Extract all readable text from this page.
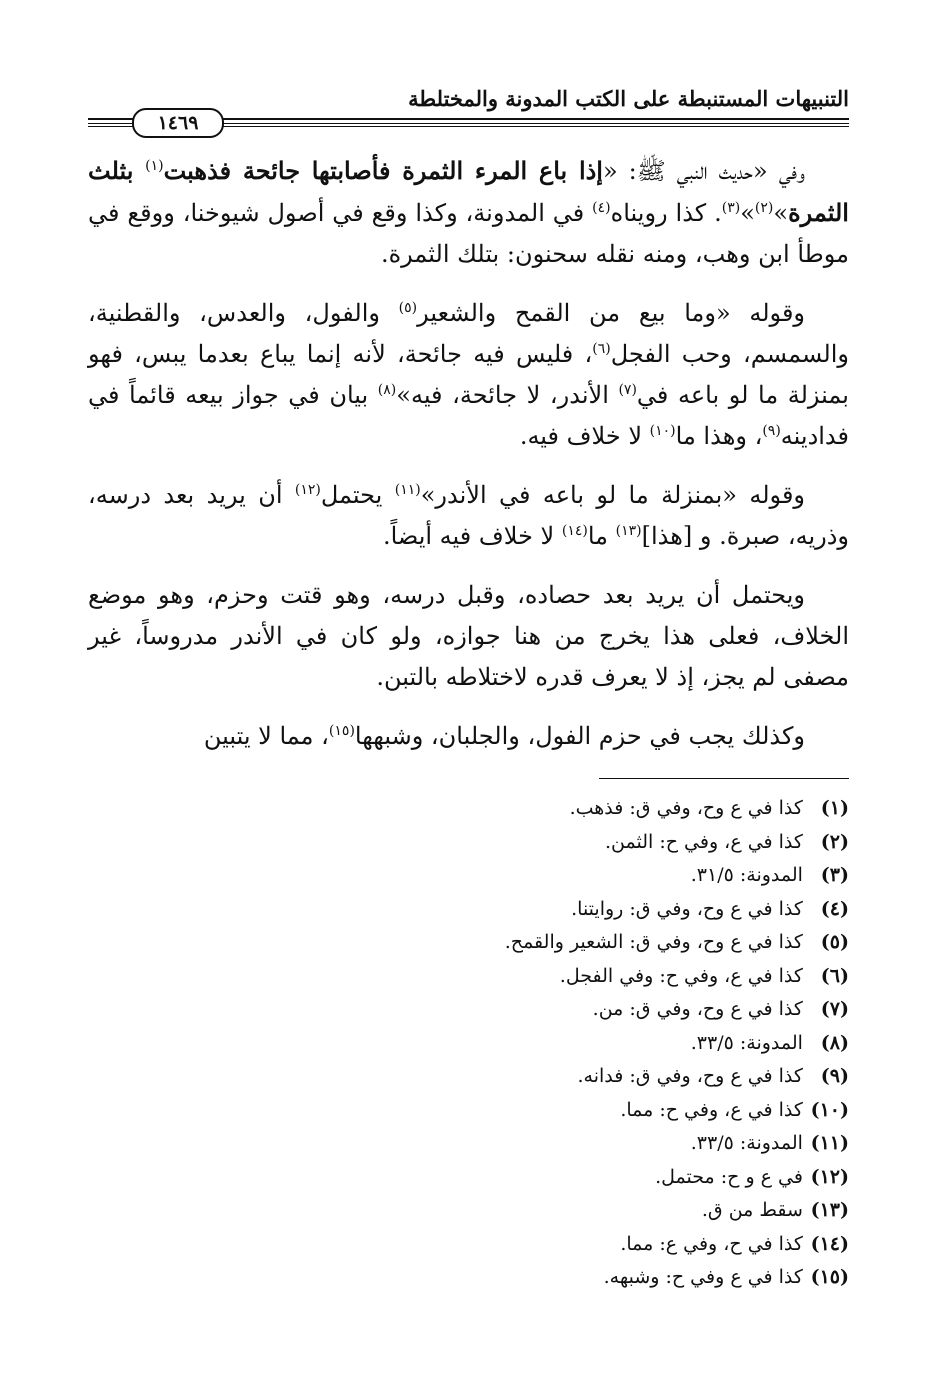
التنبيهات المستنبطة على الكتب المدونة والمختلطة
١٤٦٩

وفي «حديث النبي ﷺ: «إذا باع المرء الثمرة فأصابتها جائحة فذهبت$^{(١)}$ بثلث الثمرة»$^{(٢)}$»$^{(٣)}$. كذا رويناه$^{(٤)}$ في المدونة، وكذا وقع في أصول شيوخنا، ووقع في موطأ ابن وهب، ومنه نقله سحنون: بتلك الثمرة.

وقوله «وما بيع من القمح والشعير$^{(٥)}$ والفول، والعدس، والقطنية، والسمسم، وحب الفجل$^{(٦)}$، فليس فيه جائحة، لأنه إنما يباع بعدما يبس، فهو بمنزلة ما لو باعه في$^{(٧)}$ الأندر، لا جائحة، فيه»$^{(٨)}$ بيان في جواز بيعه قائماً في فدادينه$^{(٩)}$، وهذا ما$^{(١٠)}$ لا خلاف فيه.

وقوله «بمنزلة ما لو باعه في الأندر»$^{(١١)}$ يحتمل$^{(١٢)}$ أن يريد بعد درسه، وذريه، صبرة. و [هذا]$^{(١٣)}$ ما$^{(١٤)}$ لا خلاف فيه أيضاً.

ويحتمل أن يريد بعد حصاده، وقبل درسه، وهو قتت وحزم، وهو موضع الخلاف، فعلى هذا يخرج من هنا جوازه، ولو كان في الأندر مدروساً، غير مصفى لم يجز، إذ لا يعرف قدره لاختلاطه بالتبن.

وكذلك يجب في حزم الفول، والجلبان، وشبهها$^{(١٥)}$، مما لا يتبين

(١) كذا في ع وح، وفي ق: فذهب.
(٢) كذا في ع، وفي ح: الثمن.
(٣) المدونة: ٣١/٥.
(٤) كذا في ع وح، وفي ق: روايتنا.
(٥) كذا في ع وح، وفي ق: الشعير والقمح.
(٦) كذا في ع، وفي ح: وفي الفجل.
(٧) كذا في ع وح، وفي ق: من.
(٨) المدونة: ٣٣/٥.
(٩) كذا في ع وح، وفي ق: فدانه.
(١٠) كذا في ع، وفي ح: مما.
(١١) المدونة: ٣٣/٥.
(١٢) في ع و ح: محتمل.
(١٣) سقط من ق.
(١٤) كذا في ح، وفي ع: مما.
(١٥) كذا في ع وفي ح: وشبهه.
